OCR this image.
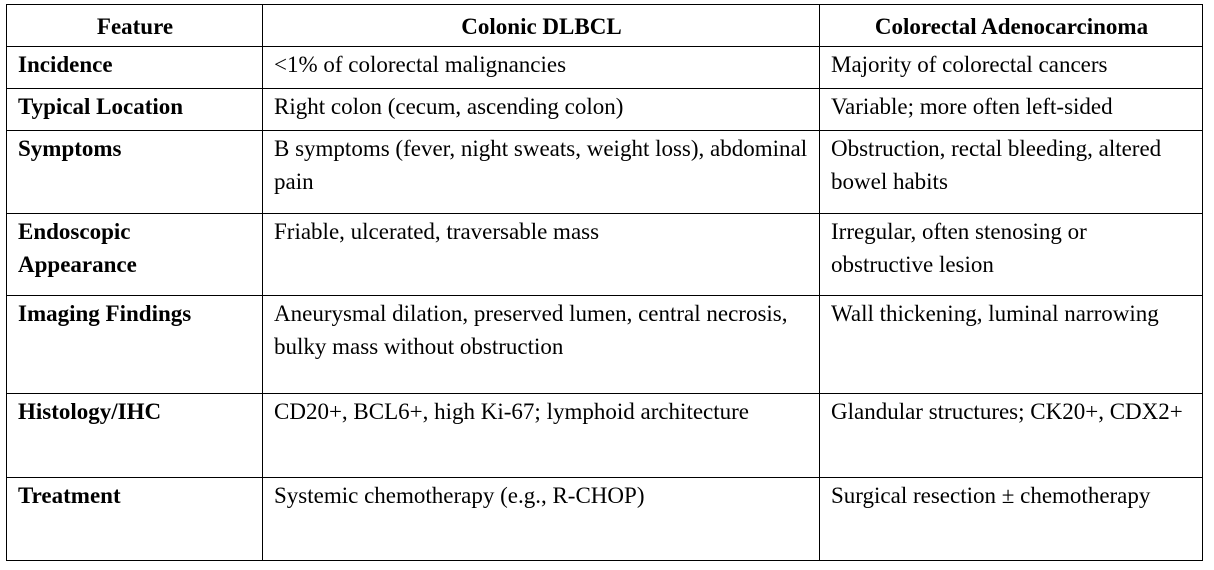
Feature	Colonic DLBCL	Colorectal Adenocarcinoma
Incidence	<1% of colorectal malignancies	Majority of colorectal cancers
Typical Location	Right colon (cecum, ascending colon)	Variable; more often left-sided
Symptoms	B symptoms (fever, night sweats, weight loss), abdominal pain	Obstruction, rectal bleeding, altered bowel habits
Endoscopic Appearance	Friable, ulcerated, traversable mass	Irregular, often stenosing or obstructive lesion
Imaging Findings	Aneurysmal dilation, preserved lumen, central necrosis, bulky mass without obstruction	Wall thickening, luminal narrowing
Histology/IHC	CD20+, BCL6+, high Ki-67; lymphoid architecture	Glandular structures; CK20+, CDX2+
Treatment	Systemic chemotherapy (e.g., R-CHOP)	Surgical resection ± chemotherapy
